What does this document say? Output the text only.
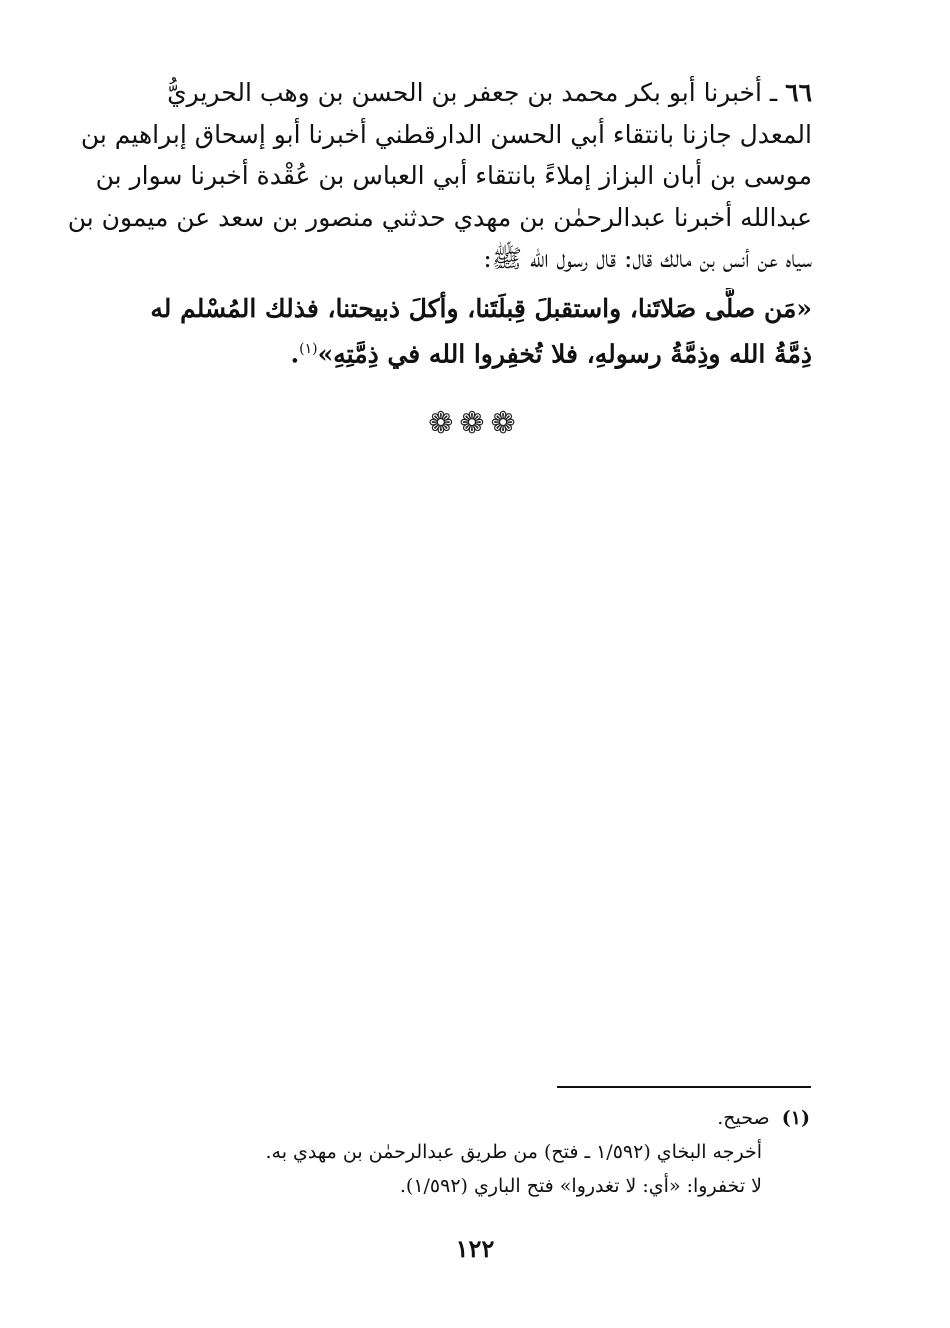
٦٦ ـ أخبرنا أبو بكر محمد بن جعفر بن الحسن بن وهب الحريريُّ
المعدل جازنا بانتقاء أبي الحسن الدارقطني أخبرنا أبو إسحاق إبراهيم بن
موسى بن أبان البزاز إملاءً بانتقاء أبي العباس بن عُقْدة أخبرنا سوار بن
عبدالله أخبرنا عبدالرحمٰن بن مهدي حدثني منصور بن سعد عن ميمون بن
سياه عن أنس بن مالك قال: قال رسول الله ﷺ:
«مَن صلَّى صَلاتَنا، واستقبلَ قِبلَتَنا، وأكلَ ذبيحتنا، فذلك المُسْلم له
ذِمَّةُ الله وذِمَّةُ رسولهِ، فلا تُخفِروا الله في ذِمَّتِهِ»$^{(١)}$.
❁❁❁
(١)  صحيح.
أخرجه البخاي (١/٥٩٢ ـ فتح) من طريق عبدالرحمٰن بن مهدي به.
لا تخفروا: «أي: لا تغدروا» فتح الباري (١/٥٩٢).
١٢٢
